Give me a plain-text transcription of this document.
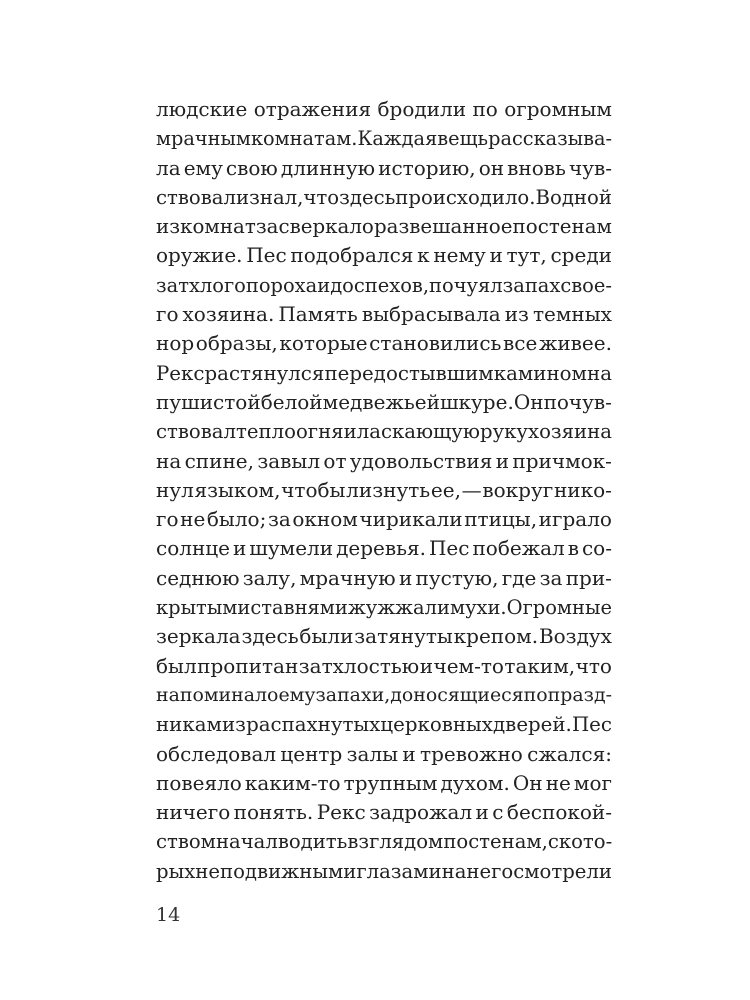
людские отражения бродили по огромным
мрачным комнатам. Каждая вещь рассказыва-
ла ему свою длинную историю, он вновь чув-
ствовал и знал, что здесь происходило. В одной
из комнат засверкало развешанное по стенам
оружие. Пес подобрался к нему и тут, среди
затхлого пороха и доспехов, почуял запах свое-
го хозяина. Память выбрасывала из темных
нор образы, которые становились все живее.
Рекс растянулся перед остывшим камином на
пушистой белой медвежьей шкуре. Он почув-
ствовал тепло огня и ласкающую руку хозяина
на спине, завыл от удовольствия и причмок-
нул языком, чтобы лизнуть ее, — вокруг нико-
го не было; за окном чирикали птицы, играло
солнце и шумели деревья. Пес побежал в со-
седнюю залу, мрачную и пустую, где за при-
крытыми ставнями жужжали мухи. Огромные
зеркала здесь были затянуты крепом. Воздух
был пропитан затхлостью и чем-то таким, что
напоминало ему запахи, доносящиеся по празд-
никам из распахнутых церковных дверей. Пес
обследовал центр залы и тревожно сжался:
повеяло каким-то трупным духом. Он не мог
ничего понять. Рекс задрожал и с беспокой-
ством начал водить взглядом по стенам, с кото-
рых неподвижными глазами на него смотрели
14
